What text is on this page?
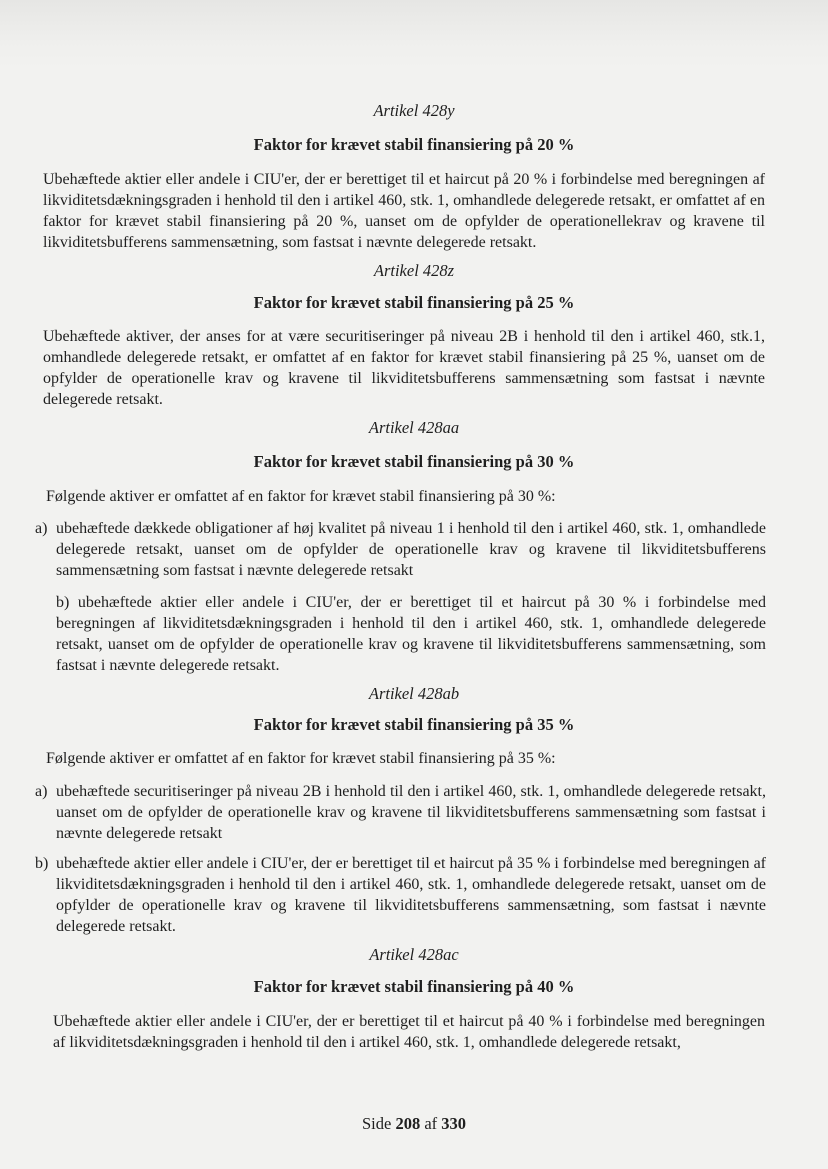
Artikel 428y
Faktor for krævet stabil finansiering på 20 %

Ubehæftede aktier eller andele i CIU'er, der er berettiget til et haircut på 20 % i forbindelse med beregningen af likviditetsdækningsgraden i henhold til den i artikel 460, stk. 1, omhandlede delegerede retsakt, er omfattet af en faktor for krævet stabil finansiering på 20 %, uanset om de opfylder de operationellekrav og kravene til likviditetsbufferens sammensætning, som fastsat i nævnte delegerede retsakt.

Artikel 428z
Faktor for krævet stabil finansiering på 25 %

Ubehæftede aktiver, der anses for at være securitiseringer på niveau 2B i henhold til den i artikel 460, stk.1, omhandlede delegerede retsakt, er omfattet af en faktor for krævet stabil finansiering på 25 %, uanset om de opfylder de operationelle krav og kravene til likviditetsbufferens sammensætning som fastsat i nævnte delegerede retsakt.

Artikel 428aa
Faktor for krævet stabil finansiering på 30 %

Følgende aktiver er omfattet af en faktor for krævet stabil finansiering på 30 %:

a) ubehæftede dækkede obligationer af høj kvalitet på niveau 1 i henhold til den i artikel 460, stk. 1, omhandlede delegerede retsakt, uanset om de opfylder de operationelle krav og kravene til likviditetsbufferens sammensætning som fastsat i nævnte delegerede retsakt
b) ubehæftede aktier eller andele i CIU'er, der er berettiget til et haircut på 30 % i forbindelse med beregningen af likviditetsdækningsgraden i henhold til den i artikel 460, stk. 1, omhandlede delegerede retsakt, uanset om de opfylder de operationelle krav og kravene til likviditetsbufferens sammensætning, som fastsat i nævnte delegerede retsakt.
Artikel 428ab
Faktor for krævet stabil finansiering på 35 %

Følgende aktiver er omfattet af en faktor for krævet stabil finansiering på 35 %:

a) ubehæftede securitiseringer på niveau 2B i henhold til den i artikel 460, stk. 1, omhandlede delegerede retsakt, uanset om de opfylder de operationelle krav og kravene til likviditetsbufferens sammensætning som fastsat i nævnte delegerede retsakt
b) ubehæftede aktier eller andele i CIU'er, der er berettiget til et haircut på 35 % i forbindelse med beregningen af likviditetsdækningsgraden i henhold til den i artikel 460, stk. 1, omhandlede delegerede retsakt, uanset om de opfylder de operationelle krav og kravene til likviditetsbufferens sammensætning, som fastsat i nævnte delegerede retsakt.
Artikel 428ac
Faktor for krævet stabil finansiering på 40 %

Ubehæftede aktier eller andele i CIU'er, der er berettiget til et haircut på 40 % i forbindelse med beregningen af likviditetsdækningsgraden i henhold til den i artikel 460, stk. 1, omhandlede delegerede retsakt,

Side 208 af 330
